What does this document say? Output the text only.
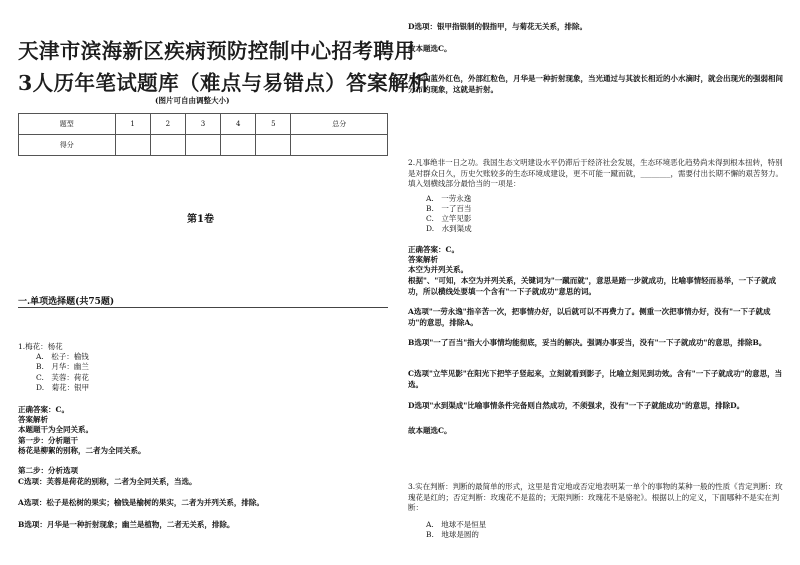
天津市滨海新区疾病预防控制中心招考聘用
3人历年笔试题库（难点与易错点）答案解析
(图片可自由调整大小)
题型	1	2	3	4	5	总分
得分						
第1卷
一.单项选择题(共75题)
1.梅花：杨花
A.　松子：榆钱
B.　月华：幽兰
C.　芙蓉：荷花
D.　菊花：银甲
正确答案：C。
答案解析
本题题干为全同关系。
第一步：分析题干
杨花是柳絮的别称，二者为全同关系。
第二步：分析选项
C选项：芙蓉是荷花的别称，二者为全同关系，当选。
A选项：松子是松树的果实；榆钱是榆树的果实，二者为并列关系，排除。
B选项：月华是一种折射现象；幽兰是植物，二者无关系，排除。
D选项：银甲指银制的假指甲，与菊花无关系，排除。
故本题选C。
月华内蓝外红色，外部红粒色，月华是一种折射现象，当光通过与其波长相近的小水滴时，就会出现光的强弱相间分布的现象，这就是折射。
2.凡事绝非一日之功。我国生态文明建设水平仍滞后于经济社会发展，生态环境恶化趋势尚未得到根本扭转，特别是对群众日久，历史欠账较多的生态环境成建设，更不可能一蹴而就，________，需要付出长期不懈的艰苦努力。填入划横线部分最恰当的一项是：
A.　一劳永逸
B.　一了百当
C.　立竿见影
D.　水到渠成
正确答案：C。
答案解析
本空为并列关系。
根据"、"可知，本空为并列关系，关键词为"一蹴而就"，意思是踏一步就成功，比喻事情轻而易举，一下子就成功，所以横线处要填一个含有"一下子就成功"意思的词。
A选项"一劳永逸"指辛苦一次，把事情办好，以后就可以不再费力了。侧重一次把事情办好，没有"一下子就成功"的意思，排除A。
B选项"一了百当"指大小事情均能彻底，妥当的解决。强调办事妥当，没有"一下子就成功"的意思，排除B。
C选项"立竿见影"在阳光下把竿子竖起来，立刻就看到影子，比喻立刻见到功效。含有"一下子就成功"的意思，当选。
D选项"水到渠成"比喻事情条件完备则自然成功，不须强求，没有"一下子就能成功"的意思，排除D。
故本题选C。
3.实在判断：判断的最简单的形式，这里是肯定地或否定地表明某一单个的事物的某种一般的性质《肯定判断：玫瑰花是红的；否定判断：玫瑰花不是蓝的；无限判断：玫瑰花不是骆驼》。根据以上的定义，下面哪种不是实在判断：
A.　地球不是恒星
B.　地球是圆的
